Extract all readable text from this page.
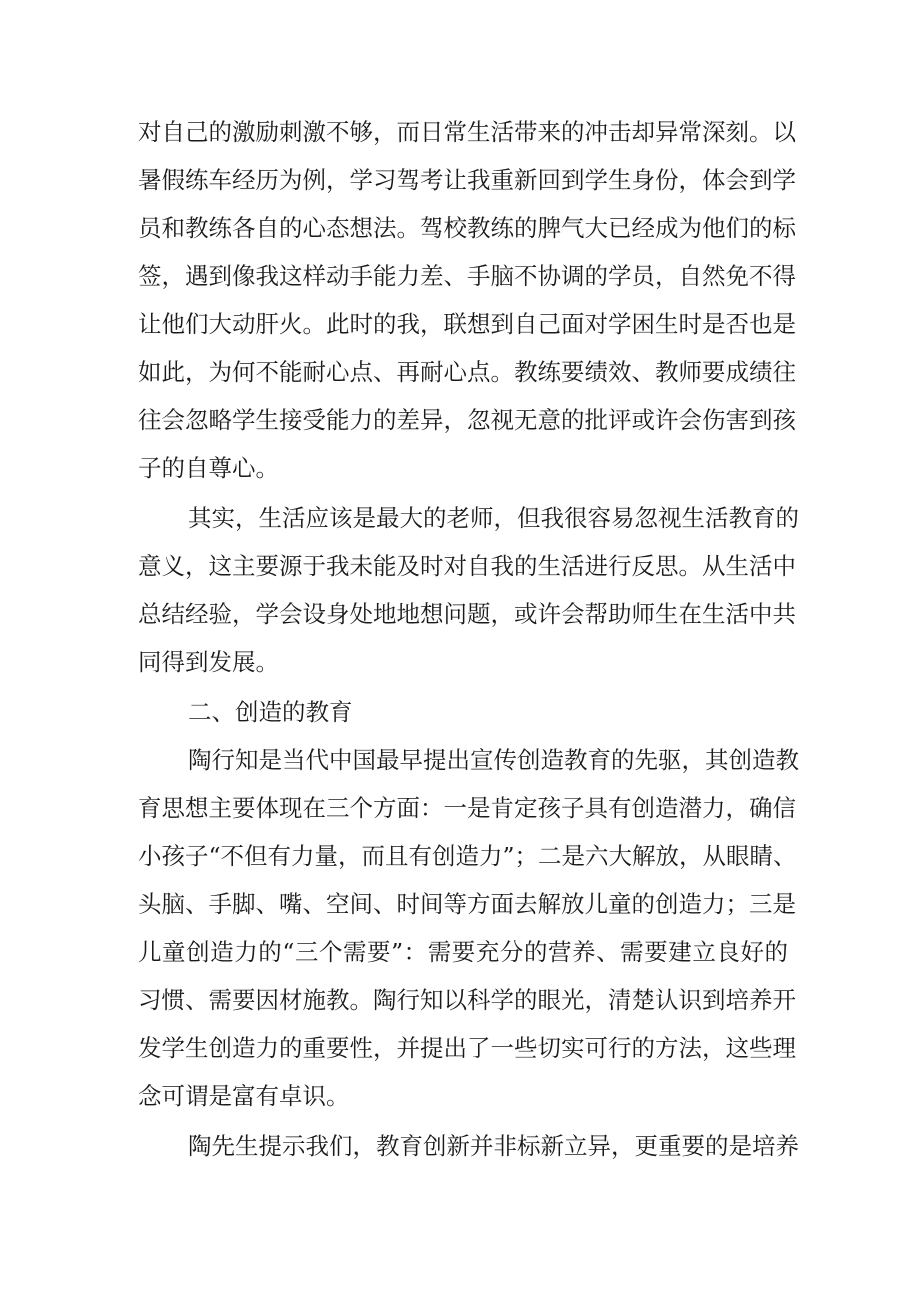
对自己的激励刺激不够，而日常生活带来的冲击却异常深刻。以
暑假练车经历为例，学习驾考让我重新回到学生身份，体会到学
员和教练各自的心态想法。驾校教练的脾气大已经成为他们的标
签，遇到像我这样动手能力差、手脑不协调的学员，自然免不得
让他们大动肝火。此时的我，联想到自己面对学困生时是否也是
如此，为何不能耐心点、再耐心点。教练要绩效、教师要成绩往
往会忽略学生接受能力的差异，忽视无意的批评或许会伤害到孩
子的自尊心。
其实，生活应该是最大的老师，但我很容易忽视生活教育的
意义，这主要源于我未能及时对自我的生活进行反思。从生活中
总结经验，学会设身处地地想问题，或许会帮助师生在生活中共
同得到发展。
二、创造的教育
陶行知是当代中国最早提出宣传创造教育的先驱，其创造教
育思想主要体现在三个方面：一是肯定孩子具有创造潜力，确信
小孩子“不但有力量，而且有创造力”；二是六大解放，从眼睛、
头脑、手脚、嘴、空间、时间等方面去解放儿童的创造力；三是
儿童创造力的“三个需要”：需要充分的营养、需要建立良好的
习惯、需要因材施教。陶行知以科学的眼光，清楚认识到培养开
发学生创造力的重要性，并提出了一些切实可行的方法，这些理
念可谓是富有卓识。
陶先生提示我们，教育创新并非标新立异，更重要的是培养
